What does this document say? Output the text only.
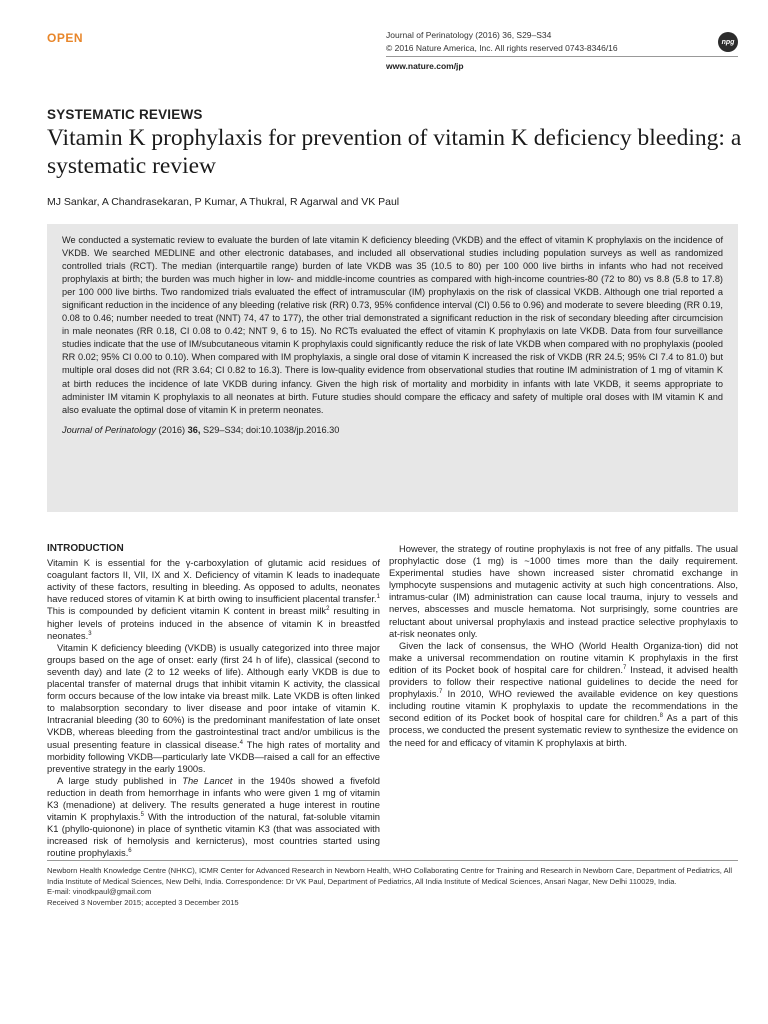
OPEN	Journal of Perinatology (2016) 36, S29–S34
© 2016 Nature America, Inc. All rights reserved 0743-8346/16
npg
www.nature.com/jp
SYSTEMATIC REVIEWS
Vitamin K prophylaxis for prevention of vitamin K deficiency bleeding: a systematic review
MJ Sankar, A Chandrasekaran, P Kumar, A Thukral, R Agarwal and VK Paul

We conducted a systematic review to evaluate the burden of late vitamin K deficiency bleeding (VKDB) and the effect of vitamin K prophylaxis on the incidence of VKDB. We searched MEDLINE and other electronic databases, and included all observational studies including population surveys as well as randomized controlled trials (RCT). The median (interquartile range) burden of late VKDB was 35 (10.5 to 80) per 100 000 live births in infants who had not received prophylaxis at birth; the burden was much higher in low- and middle-income countries as compared with high-income countries-80 (72 to 80) vs 8.8 (5.8 to 17.8) per 100 000 live births. Two randomized trials evaluated the effect of intramuscular (IM) prophylaxis on the risk of classical VKDB. Although one trial reported a significant reduction in the incidence of any bleeding (relative risk (RR) 0.73, 95% confidence interval (CI) 0.56 to 0.96) and moderate to severe bleeding (RR 0.19, 0.08 to 0.46; number needed to treat (NNT) 74, 47 to 177), the other trial demonstrated a significant reduction in the risk of secondary bleeding after circumcision in male neonates (RR 0.18, CI 0.08 to 0.42; NNT 9, 6 to 15). No RCTs evaluated the effect of vitamin K prophylaxis on late VKDB. Data from four surveillance studies indicate that the use of IM/subcutaneous vitamin K prophylaxis could significantly reduce the risk of late VKDB when compared with no prophylaxis (pooled RR 0.02; 95% CI 0.00 to 0.10). When compared with IM prophylaxis, a single oral dose of vitamin K increased the risk of VKDB (RR 24.5; 95% CI 7.4 to 81.0) but multiple oral doses did not (RR 3.64; CI 0.82 to 16.3). There is low-quality evidence from observational studies that routine IM administration of 1 mg of vitamin K at birth reduces the incidence of late VKDB during infancy. Given the high risk of mortality and morbidity in infants with late VKDB, it seems appropriate to administer IM vitamin K prophylaxis to all neonates at birth. Future studies should compare the efficacy and safety of multiple oral doses with IM vitamin K and also evaluate the optimal dose of vitamin K in preterm neonates.

Journal of Perinatology (2016) 36, S29–S34; doi:10.1038/jp.2016.30

INTRODUCTION

Vitamin K is essential for the γ-carboxylation of glutamic acid residues of coagulant factors II, VII, IX and X. Deficiency of vitamin K leads to inadequate activity of these factors, resulting in bleeding. As opposed to adults, neonates have reduced stores of vitamin K at birth owing to insufficient placental transfer.$^1$ This is compounded by deficient vitamin K content in breast milk$^2$ resulting in higher levels of proteins induced in the absence of vitamin K in breastfed neonates.$^3$

Vitamin K deficiency bleeding (VKDB) is usually categorized into three major groups based on the age of onset: early (first 24 h of life), classical (second to seventh day) and late (2 to 12 weeks of life). Although early VKDB is due to placental transfer of maternal drugs that inhibit vitamin K activity, the classical form occurs because of the low intake via breast milk. Late VKDB is often linked to malabsorption secondary to liver disease and poor intake of vitamin K. Intracranial bleeding (30 to 60%) is the predominant manifestation of late onset VKDB, whereas bleeding from the gastrointestinal tract and/or umbilicus is the usual presenting feature in classical disease.$^4$ The high rates of mortality and morbidity following VKDB—particularly late VKDB—raised a call for an effective preventive strategy in the early 1900s.

A large study published in The Lancet in the 1940s showed a fivefold reduction in death from hemorrhage in infants who were given 1 mg of vitamin K3 (menadione) at delivery. The results generated a huge interest in routine vitamin K prophylaxis.$^5$ With the introduction of the natural, fat-soluble vitamin K1 (phyllo-quionone) in place of synthetic vitamin K3 (that was associated with increased risk of hemolysis and kernicterus), most countries started using routine prophylaxis.$^6$

However, the strategy of routine prophylaxis is not free of any pitfalls. The usual prophylactic dose (1 mg) is ~1000 times more than the daily requirement. Experimental studies have shown increased sister chromatid exchange in lymphocyte suspensions and mutagenic activity at such high concentrations. Also, intramus-cular (IM) administration can cause local trauma, injury to vessels and nerves, abscesses and muscle hematoma. Not surprisingly, some countries are reluctant about universal prophylaxis and instead practice selective prophylaxis to at-risk neonates only.

Given the lack of consensus, the WHO (World Health Organiza-tion) did not make a universal recommendation on routine vitamin K prophylaxis in the first edition of its Pocket book of hospital care for children.$^7$ Instead, it advised health providers to follow their respective national guidelines to decide the need for prophylaxis.$^7$ In 2010, WHO reviewed the available evidence on key questions including routine vitamin K prophylaxis to update the recommendations in the second edition of its Pocket book of hospital care for children.$^8$ As a part of this process, we conducted the present systematic review to synthesize the evidence on the need for and efficacy of vitamin K prophylaxis at birth.

Newborn Health Knowledge Centre (NHKC), ICMR Center for Advanced Research in Newborn Health, WHO Collaborating Centre for Training and Research in Newborn Care, Department of Pediatrics, All India Institute of Medical Sciences, New Delhi, India. Correspondence: Dr VK Paul, Department of Pediatrics, All India Institute of Medical Sciences, Ansari Nagar, New Delhi 110029, India.
E-mail: vinodkpaul@gmail.com
Received 3 November 2015; accepted 3 December 2015
